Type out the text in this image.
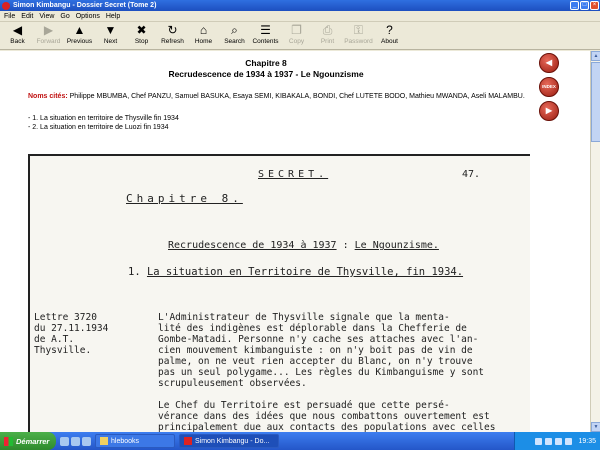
Simon Kimbangu - Dossier Secret (Tome 2)	_	□	×
File Edit View Go Options Help
◀
Back
▶
Forward
▲
Previous
▼
Next
✖
Stop
↻
Refresh
⌂
Home
⌕
Search
☰
Contents
❐
Copy
⎙
Print
⚿
Password
?
About
Chapitre 8
Recrudescence de 1934 à 1937 - Le Ngounzisme
Noms cités: Philippe MBUMBA, Chef PANZU, Samuel BASUKA, Esaya SEMI, KIBAKALA, BONDI, Chef LUTETE BODO, Mathieu MWANDA, Aseli MALAMBU.
- 1. La situation en territoire de Thysville fin 1934
- 2. La situation en territoire de Luozi fin 1934
SECRET.	47.
Chapitre 8.
Recrudescence de 1934 à 1937 : Le Ngounzisme.
1. La situation en Territoire de Thysville, fin 1934.
Lettre 3720
du 27.11.1934
de A.T.
Thysville.
L'Administrateur de Thysville signale que la menta-
lité des indigènes est déplorable dans la Chefferie de
Gombe-Matadi. Personne n'y cache ses attaches avec l'an-
cien mouvement kimbanguiste : on n'y boit pas de vin de
palme, on ne veut rien accepter du Blanc, on n'y trouve
pas un seul polygame... Les règles du Kimbanguisme y sont
scrupuleusement observées.
Le Chef du Territoire est persuadé que cette persé-
vérance dans des idées que nous combattons ouvertement est
principalement due aux contacts des populations avec celles
◀
INDEX
▶
▲
▼
Démarrer	hlebooks	Simon Kimbangu - Do...	19:35
